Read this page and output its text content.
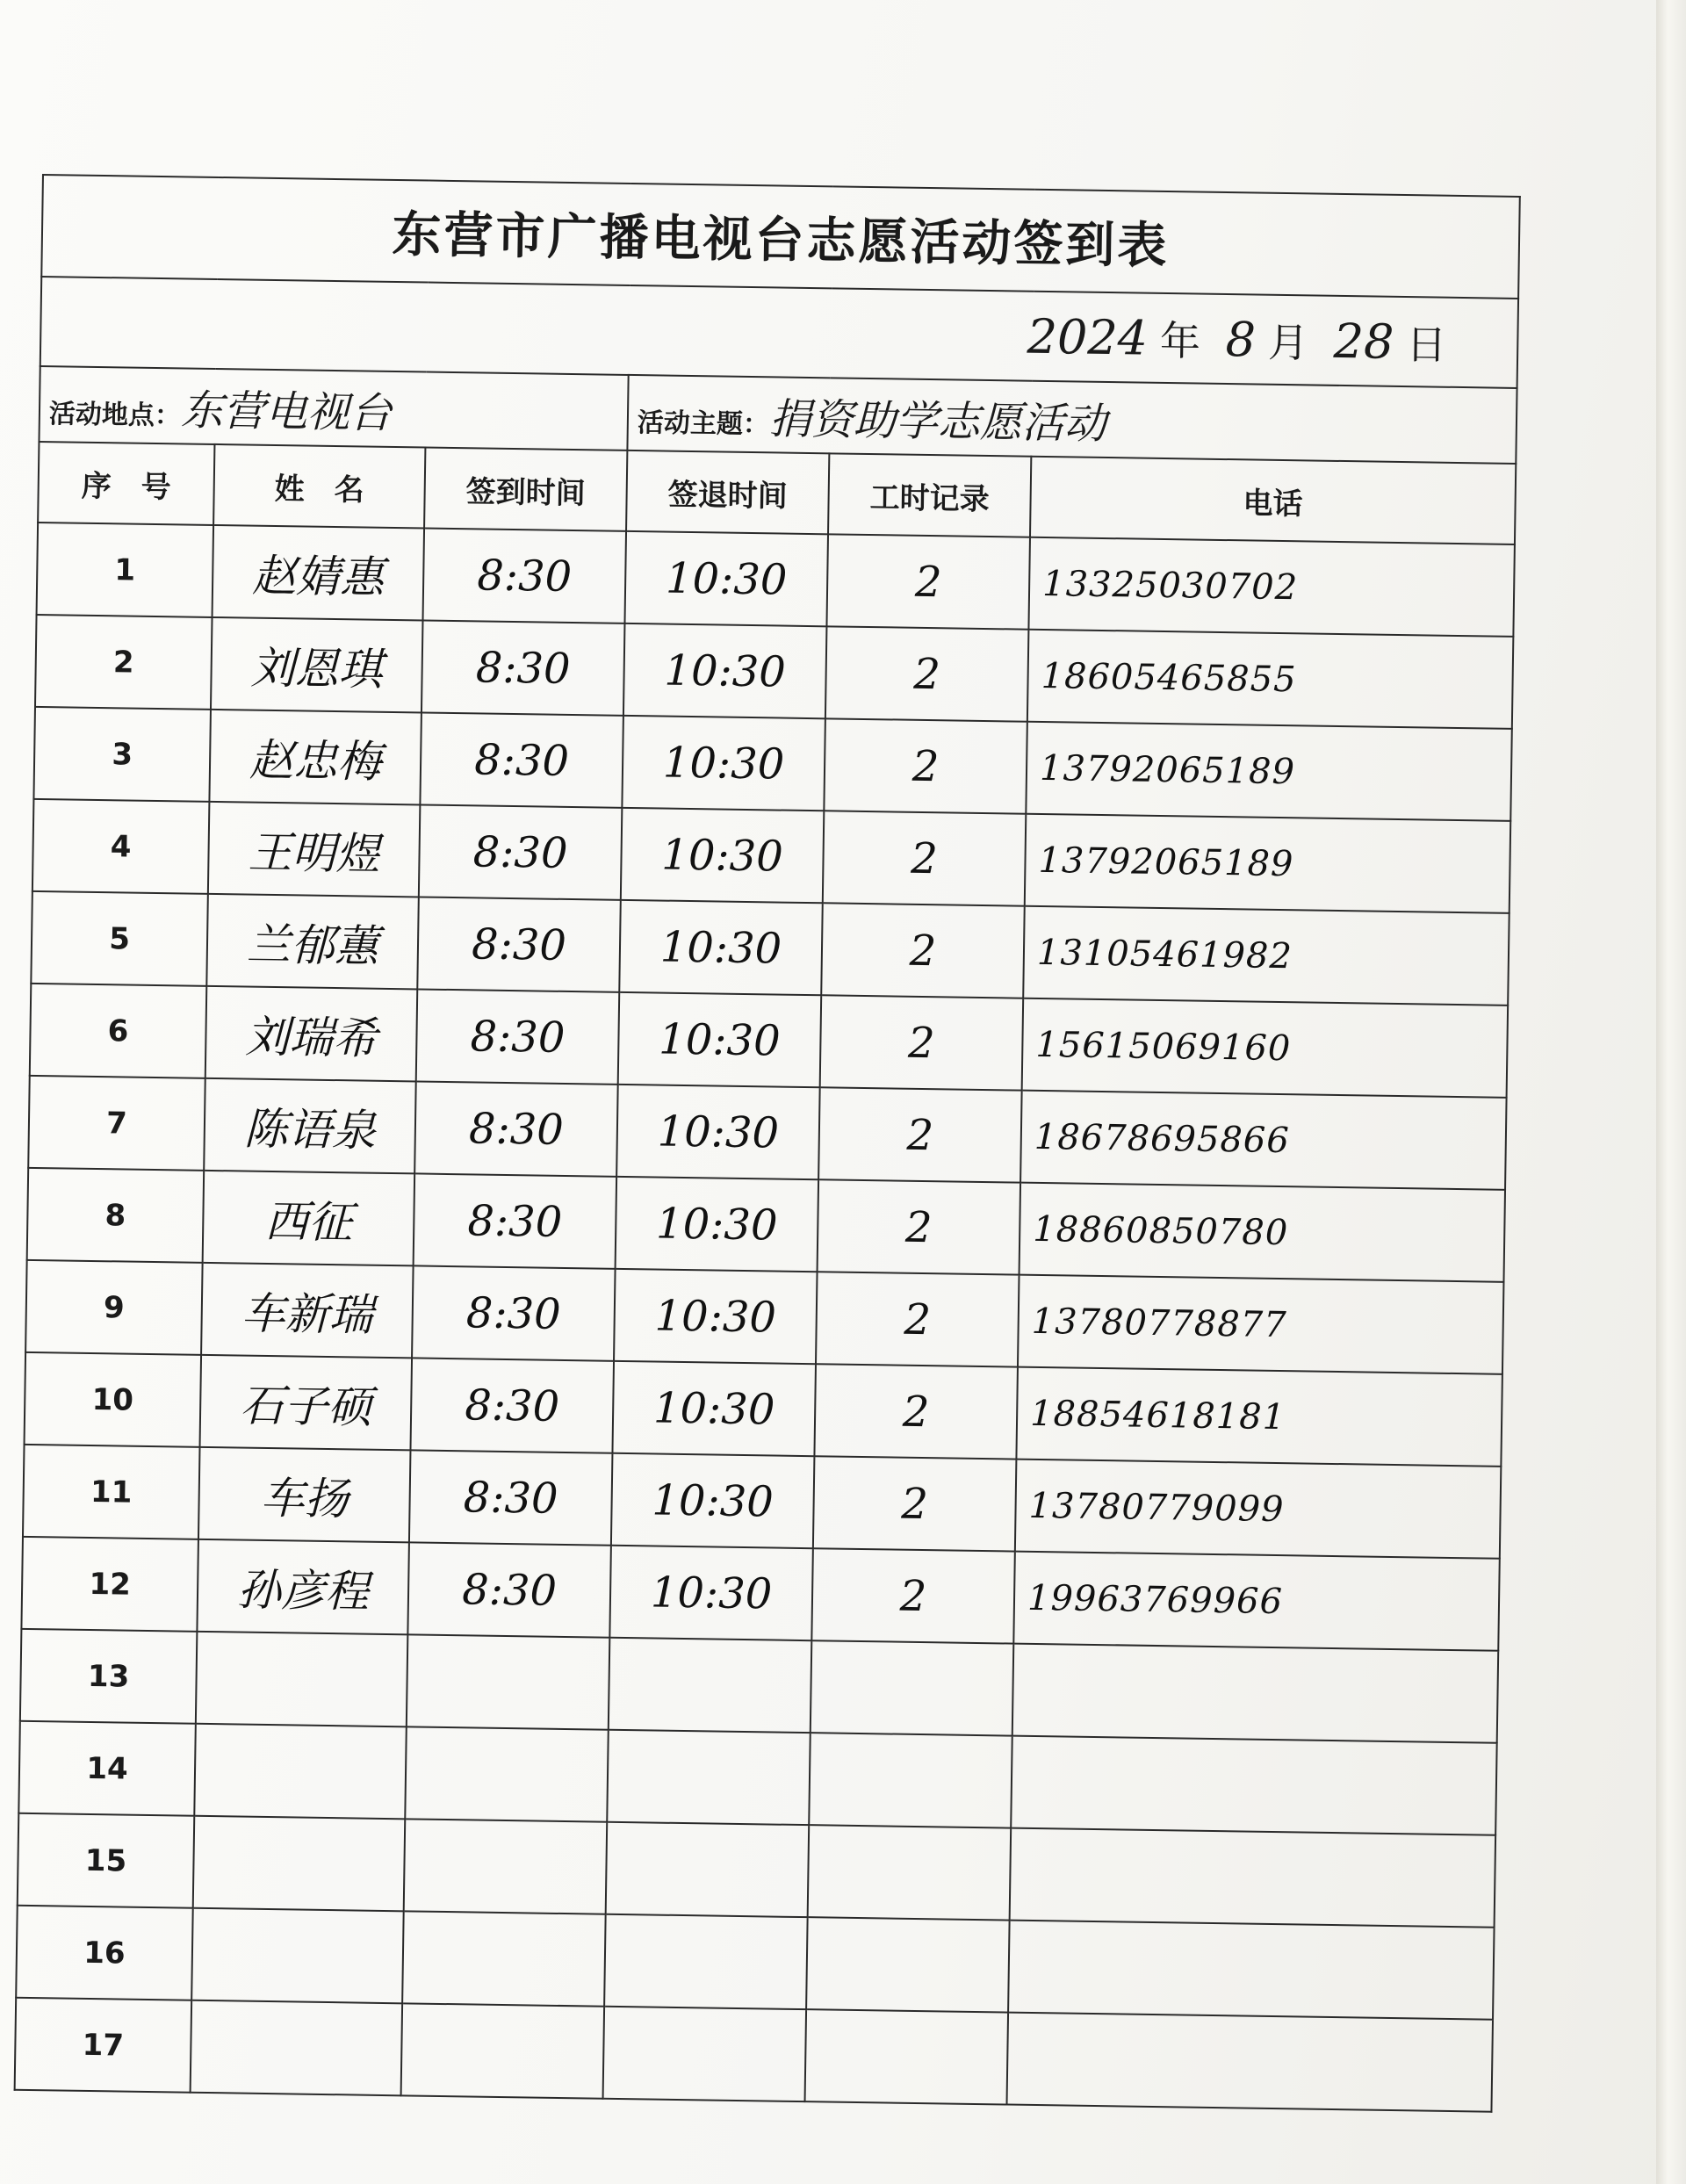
东营市广播电视台志愿活动签到表					
2024 年 8 月 28 日					
活动地点：东营电视台			活动主题：捐资助学志愿活动		
序　号	姓　名	签到时间	签退时间	工时记录	电话
1	赵婧惠	8:30	10:30	2	13325030702
2	刘恩琪	8:30	10:30	2	18605465855
3	赵忠梅	8:30	10:30	2	13792065189
4	王明煜	8:30	10:30	2	13792065189
5	兰郁蕙	8:30	10:30	2	13105461982
6	刘瑞希	8:30	10:30	2	15615069160
7	陈语泉	8:30	10:30	2	18678695866
8	西征	8:30	10:30	2	18860850780
9	车新瑞	8:30	10:30	2	13780778877
10	石子硕	8:30	10:30	2	18854618181
11	车扬	8:30	10:30	2	13780779099
12	孙彦程	8:30	10:30	2	19963769966
13					
14					
15					
16					
17					
